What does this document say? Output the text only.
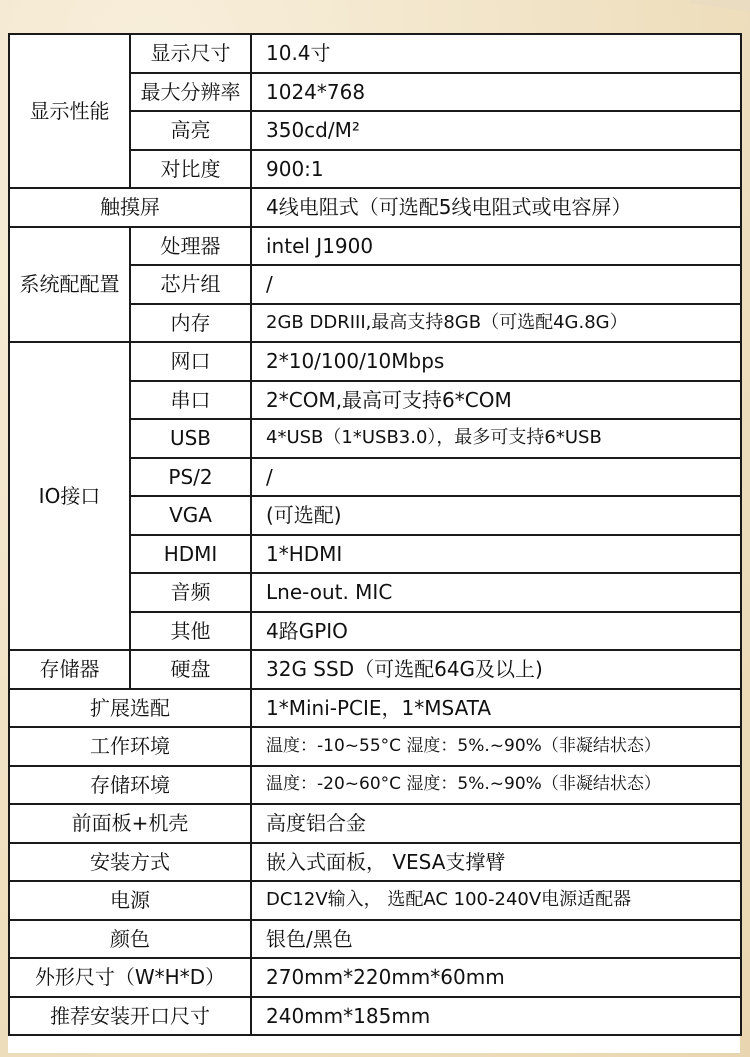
显示性能	显示尺寸	10.4寸
	最大分辨率	1024*768
	高亮	350cd/M²
	对比度	900:1
触摸屏		4线电阻式（可选配5线电阻式或电容屏）
系统配配置	处理器	intel J1900
	芯片组	/
	内存	2GB DDRIII,最高支持8GB（可选配4G.8G）
IO接口	网口	2*10/100/10Mbps
	串口	2*COM,最高可支持6*COM
	USB	4*USB（1*USB3.0），最多可支持6*USB
	PS/2	/
	VGA	(可选配)
	HDMI	1*HDMI
	音频	Lne-out. MIC
	其他	4路GPIO
存储器	硬盘	32G SSD（可选配64G及以上)
扩展选配		1*Mini-PCIE，1*MSATA
工作环境		温度：-10~55°C 湿度：5%.~90%（非凝结状态）
存储环境		温度：-20~60°C 湿度：5%.~90%（非凝结状态）
前面板+机壳		高度铝合金
安装方式		嵌入式面板， VESA支撑臂
电源		DC12V输入， 选配AC 100-240V电源适配器
颜色		银色/黑色
外形尺寸（W*H*D）		270mm*220mm*60mm
推荐安装开口尺寸		240mm*185mm
